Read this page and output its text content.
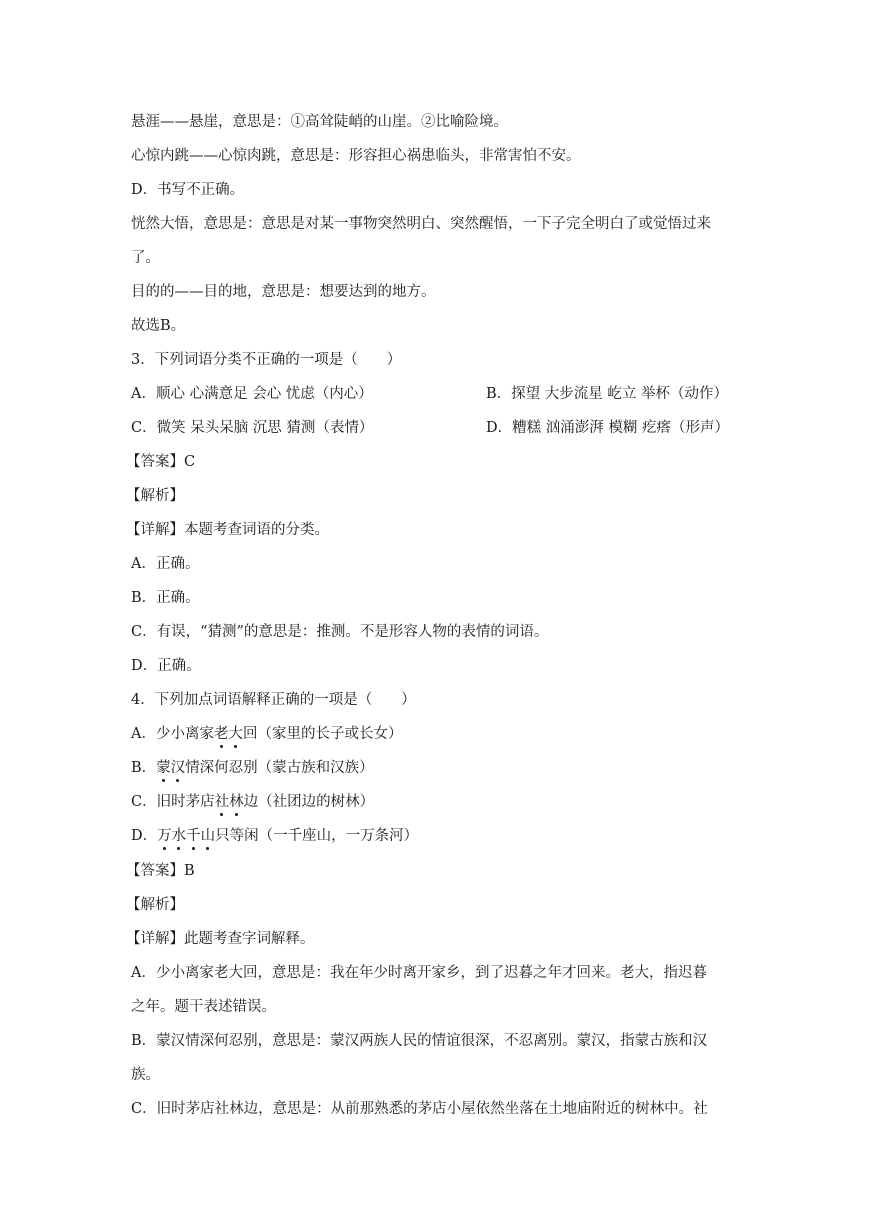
悬涯——悬崖，意思是：①高耸陡峭的山崖。②比喻险境。
心惊内跳——心惊肉跳，意思是：形容担心祸患临头，非常害怕不安。
D．书写不正确。
恍然大悟，意思是：意思是对某一事物突然明白、突然醒悟，一下子完全明白了或觉悟过来
了。
目的的——目的地，意思是：想要达到的地方。
故选B。
3．下列词语分类不正确的一项是（　　）
A．顺心 心满意足 会心 忧虑（内心）	B．探望 大步流星 屹立 举杯（动作）
C．微笑 呆头呆脑 沉思 猜测（表情）	D．糟糕 汹涌澎湃 模糊 疙瘩（形声）
【答案】C
【解析】
【详解】本题考查词语的分类。
A．正确。
B．正确。
C．有误，“猜测”的意思是：推测。不是形容人物的表情的词语。
D．正确。
4．下列加点词语解释正确的一项是（　　）
A．少小离家老大回（家里的长子或长女）
B．蒙汉情深何忍别（蒙古族和汉族）
C．旧时茅店社林边（社团边的树林）
D．万水千山只等闲（一千座山，一万条河）
【答案】B
【解析】
【详解】此题考查字词解释。
A．少小离家老大回，意思是：我在年少时离开家乡，到了迟暮之年才回来。老大，指迟暮
之年。题干表述错误。
B．蒙汉情深何忍别，意思是：蒙汉两族人民的情谊很深，不忍离别。蒙汉，指蒙古族和汉
族。
C．旧时茅店社林边，意思是：从前那熟悉的茅店小屋依然坐落在土地庙附近的树林中。社
